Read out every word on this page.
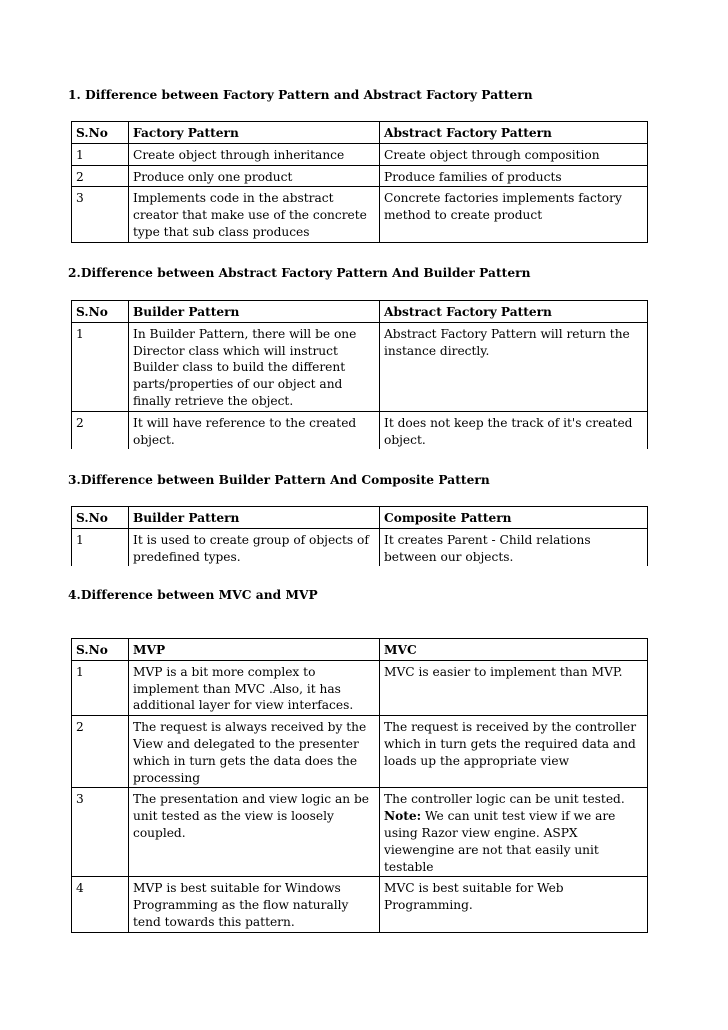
1. Difference between Factory Pattern and Abstract Factory Pattern
S.No	Factory Pattern	Abstract Factory Pattern
1	Create object through inheritance	Create object through composition
2	Produce only one product	Produce families of products
3	Implements code in the abstract creator that make use of the concrete type that sub class produces	Concrete factories implements factory method to create product
2.Difference between Abstract Factory Pattern And Builder Pattern
S.No	Builder Pattern	Abstract Factory Pattern
1	In Builder Pattern, there will be one Director class which will instruct Builder class to build the different parts/properties of our object and finally retrieve the object.	Abstract Factory Pattern will return the instance directly.
2	It will have reference to the created object.	It does not keep the track of it's created object.
3.Difference between Builder Pattern And Composite Pattern
S.No	Builder Pattern	Composite Pattern
1	It is used to create group of objects of predefined types.	It creates Parent - Child relations between our objects.
4.Difference between MVC and MVP
S.No	MVP	MVC
1	MVP is a bit more complex to implement than MVC .Also, it has additional layer for view interfaces.	MVC is easier to implement than MVP.
2	The request is always received by the View and delegated to the presenter which in turn gets the data does the processing	The request is received by the controller which in turn gets the required data and loads up the appropriate view
3	The presentation and view logic an be unit tested as the view is loosely coupled.	The controller logic can be unit tested.
Note: We can unit test view if we are using Razor view engine. ASPX viewengine are not that easily unit testable
4	MVP is best suitable for Windows Programming as the flow naturally tend towards this pattern.	MVC is best suitable for Web Programming.
